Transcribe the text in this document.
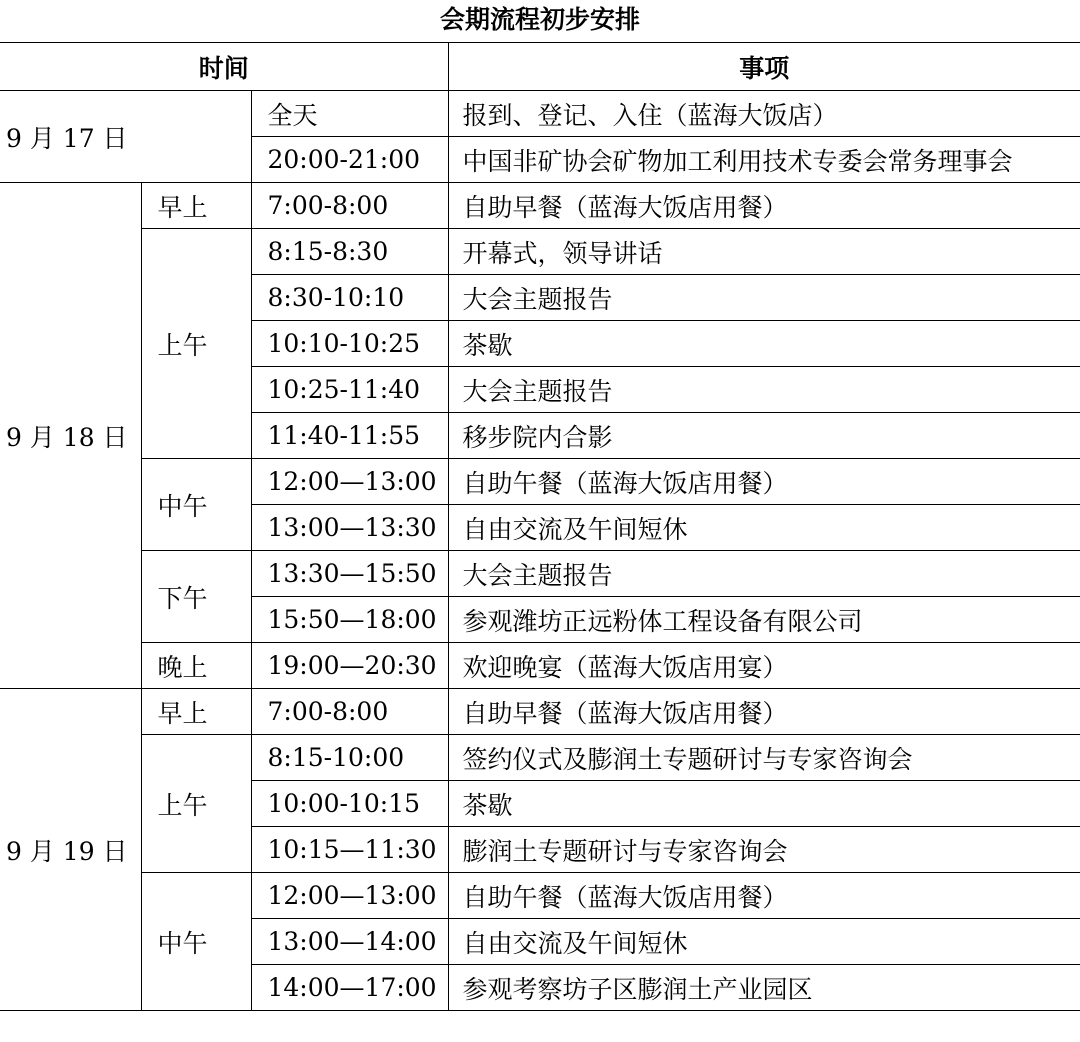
会期流程初步安排
时间			事项
9 月 17 日		全天	报到、登记、入住（蓝海大饭店）
		20:00-21:00	中国非矿协会矿物加工利用技术专委会常务理事会
9 月 18 日	早上	7:00-8:00	自助早餐（蓝海大饭店用餐）
	上午	8:15-8:30	开幕式，领导讲话
		8:30-10:10	大会主题报告
		10:10-10:25	茶歇
		10:25-11:40	大会主题报告
		11:40-11:55	移步院内合影
	中午	12:00—13:00	自助午餐（蓝海大饭店用餐）
		13:00—13:30	自由交流及午间短休
	下午	13:30—15:50	大会主题报告
		15:50—18:00	参观潍坊正远粉体工程设备有限公司
	晚上	19:00—20:30	欢迎晚宴（蓝海大饭店用宴）
9 月 19 日	早上	7:00-8:00	自助早餐（蓝海大饭店用餐）
	上午	8:15-10:00	签约仪式及膨润土专题研讨与专家咨询会
		10:00-10:15	茶歇
		10:15—11:30	膨润土专题研讨与专家咨询会
	中午	12:00—13:00	自助午餐（蓝海大饭店用餐）
		13:00—14:00	自由交流及午间短休
		14:00—17:00	参观考察坊子区膨润土产业园区
